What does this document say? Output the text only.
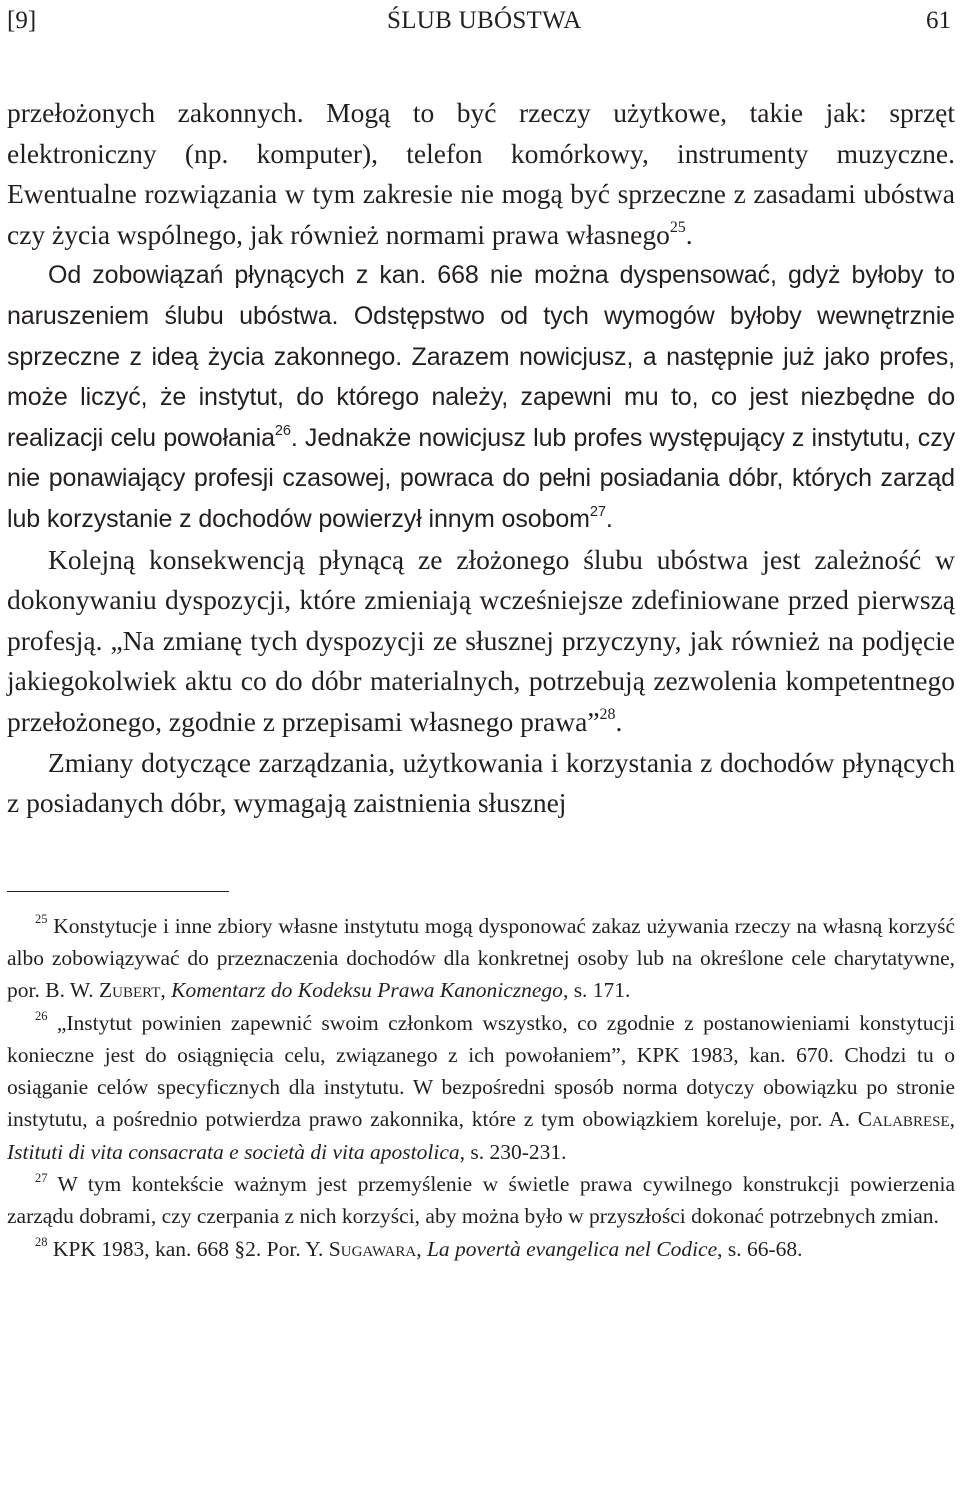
[9]	ŚLUB UBÓSTWA	61

przełożonych zakonnych. Mogą to być rzeczy użytkowe, takie jak: sprzęt elektroniczny (np. komputer), telefon komórkowy, instrumenty muzyczne. Ewentualne rozwiązania w tym zakresie nie mogą być sprzeczne z zasadami ubóstwa czy życia wspólnego, jak również normami prawa własnego$^{25}$.

Od zobowiązań płynących z kan. 668 nie można dyspensować, gdyż byłoby to naruszeniem ślubu ubóstwa. Odstępstwo od tych wymogów byłoby wewnętrznie sprzeczne z ideą życia zakonnego. Zarazem nowicjusz, a następnie już jako profes, może liczyć, że instytut, do którego należy, zapewni mu to, co jest niezbędne do realizacji celu powołania$^{26}$. Jednakże nowicjusz lub profes występujący z instytutu, czy nie ponawiający profesji czasowej, powraca do pełni posiadania dóbr, których zarząd lub korzystanie z dochodów powierzył innym osobom$^{27}$.

Kolejną konsekwencją płynącą ze złożonego ślubu ubóstwa jest zależność w dokonywaniu dyspozycji, które zmieniają wcześniejsze zdefiniowane przed pierwszą profesją. „Na zmianę tych dyspozycji ze słusznej przyczyny, jak również na podjęcie jakiegokolwiek aktu co do dóbr materialnych, potrzebują zezwolenia kompetentnego przełożonego, zgodnie z przepisami własnego prawa”$^{28}$.

Zmiany dotyczące zarządzania, użytkowania i korzystania z dochodów płynących z posiadanych dóbr, wymagają zaistnienia słusznej

$^{25}$ Konstytucje i inne zbiory własne instytutu mogą dysponować zakaz używania rzeczy na własną korzyść albo zobowiązywać do przeznaczenia dochodów dla konkretnej osoby lub na określone cele charytatywne, por. B. W. Zubert, Komentarz do Kodeksu Prawa Kanonicznego, s. 171.

$^{26}$ „Instytut powinien zapewnić swoim członkom wszystko, co zgodnie z postanowieniami konstytucji konieczne jest do osiągnięcia celu, związanego z ich powołaniem”, KPK 1983, kan. 670. Chodzi tu o osiąganie celów specyficznych dla instytutu. W bezpośredni sposób norma dotyczy obowiązku po stronie instytutu, a pośrednio potwierdza prawo zakonnika, które z tym obowiązkiem koreluje, por. A. Calabrese, Istituti di vita consacrata e società di vita apostolica, s. 230-231.

$^{27}$ W tym kontekście ważnym jest przemyślenie w świetle prawa cywilnego konstrukcji powierzenia zarządu dobrami, czy czerpania z nich korzyści, aby można było w przyszłości dokonać potrzebnych zmian.

$^{28}$ KPK 1983, kan. 668 §2. Por. Y. Sugawara, La povertà evangelica nel Codice, s. 66-68.
